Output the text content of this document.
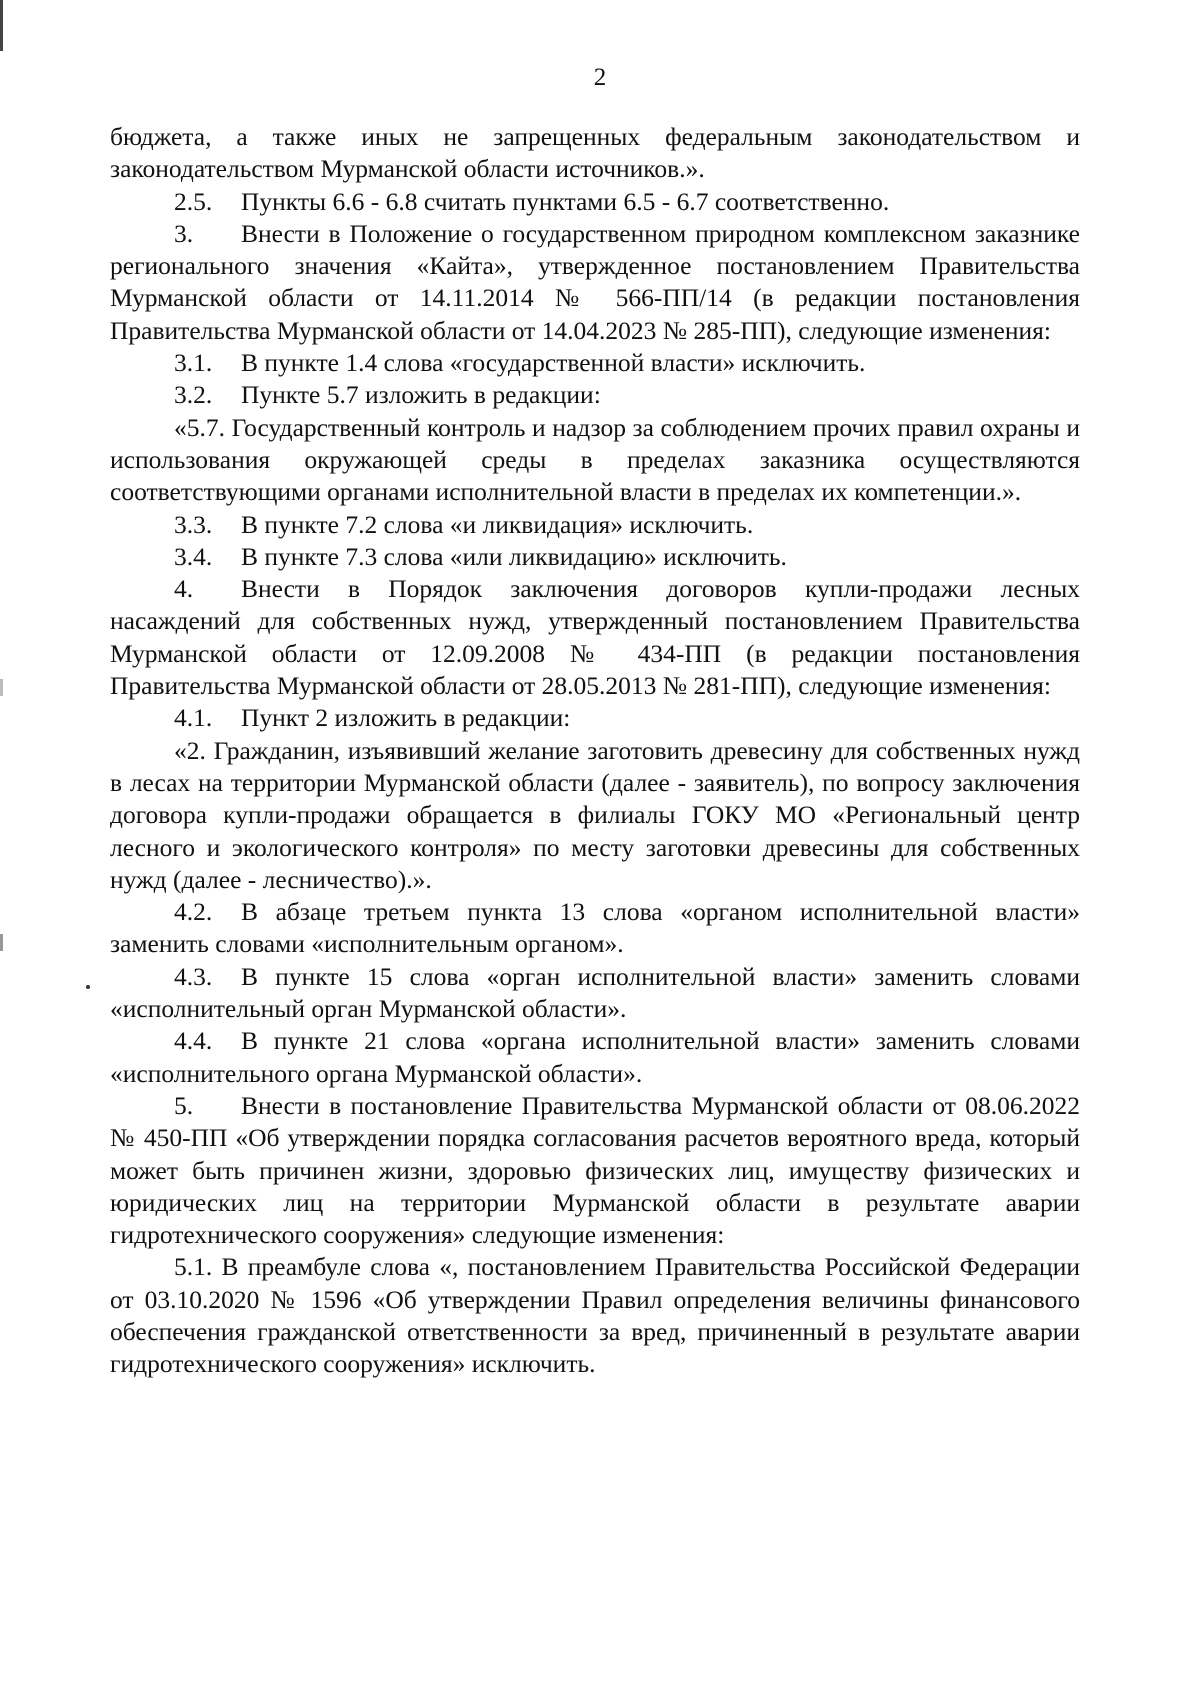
2

бюджета, а также иных не запрещенных федеральным законодательством и законодательством Мурманской области источников.».

2.5. Пункты 6.6 - 6.8 считать пунктами 6.5 - 6.7 соответственно.

3. Внести в Положение о государственном природном комплексном заказнике регионального значения «Кайта», утвержденное постановлением Правительства Мурманской области от 14.11.2014 № 566-ПП/14 (в редакции постановления Правительства Мурманской области от 14.04.2023 № 285-ПП), следующие изменения:

3.1. В пункте 1.4 слова «государственной власти» исключить.

3.2. Пункте 5.7 изложить в редакции:

«5.7. Государственный контроль и надзор за соблюдением прочих правил охраны и использования окружающей среды в пределах заказника осуществляются соответствующими органами исполнительной власти в пределах их компетенции.».

3.3. В пункте 7.2 слова «и ликвидация» исключить.

3.4. В пункте 7.3 слова «или ликвидацию» исключить.

4. Внести в Порядок заключения договоров купли-продажи лесных насаждений для собственных нужд, утвержденный постановлением Правительства Мурманской области от 12.09.2008 № 434-ПП (в редакции постановления Правительства Мурманской области от 28.05.2013 № 281-ПП), следующие изменения:

4.1. Пункт 2 изложить в редакции:

«2. Гражданин, изъявивший желание заготовить древесину для собственных нужд в лесах на территории Мурманской области (далее - заявитель), по вопросу заключения договора купли-продажи обращается в филиалы ГОКУ МО «Региональный центр лесного и экологического контроля» по месту заготовки древесины для собственных нужд (далее - лесничество).».

4.2. В абзаце третьем пункта 13 слова «органом исполнительной власти» заменить словами «исполнительным органом».

4.3. В пункте 15 слова «орган исполнительной власти» заменить словами «исполнительный орган Мурманской области».

4.4. В пункте 21 слова «органа исполнительной власти» заменить словами «исполнительного органа Мурманской области».

5. Внести в постановление Правительства Мурманской области от 08.06.2022 № 450-ПП «Об утверждении порядка согласования расчетов вероятного вреда, который может быть причинен жизни, здоровью физических лиц, имуществу физических и юридических лиц на территории Мурманской области в результате аварии гидротехнического сооружения» следующие изменения:

5.1. В преамбуле слова «, постановлением Правительства Российской Федерации от 03.10.2020 № 1596 «Об утверждении Правил определения величины финансового обеспечения гражданской ответственности за вред, причиненный в результате аварии гидротехнического сооружения» исключить.
